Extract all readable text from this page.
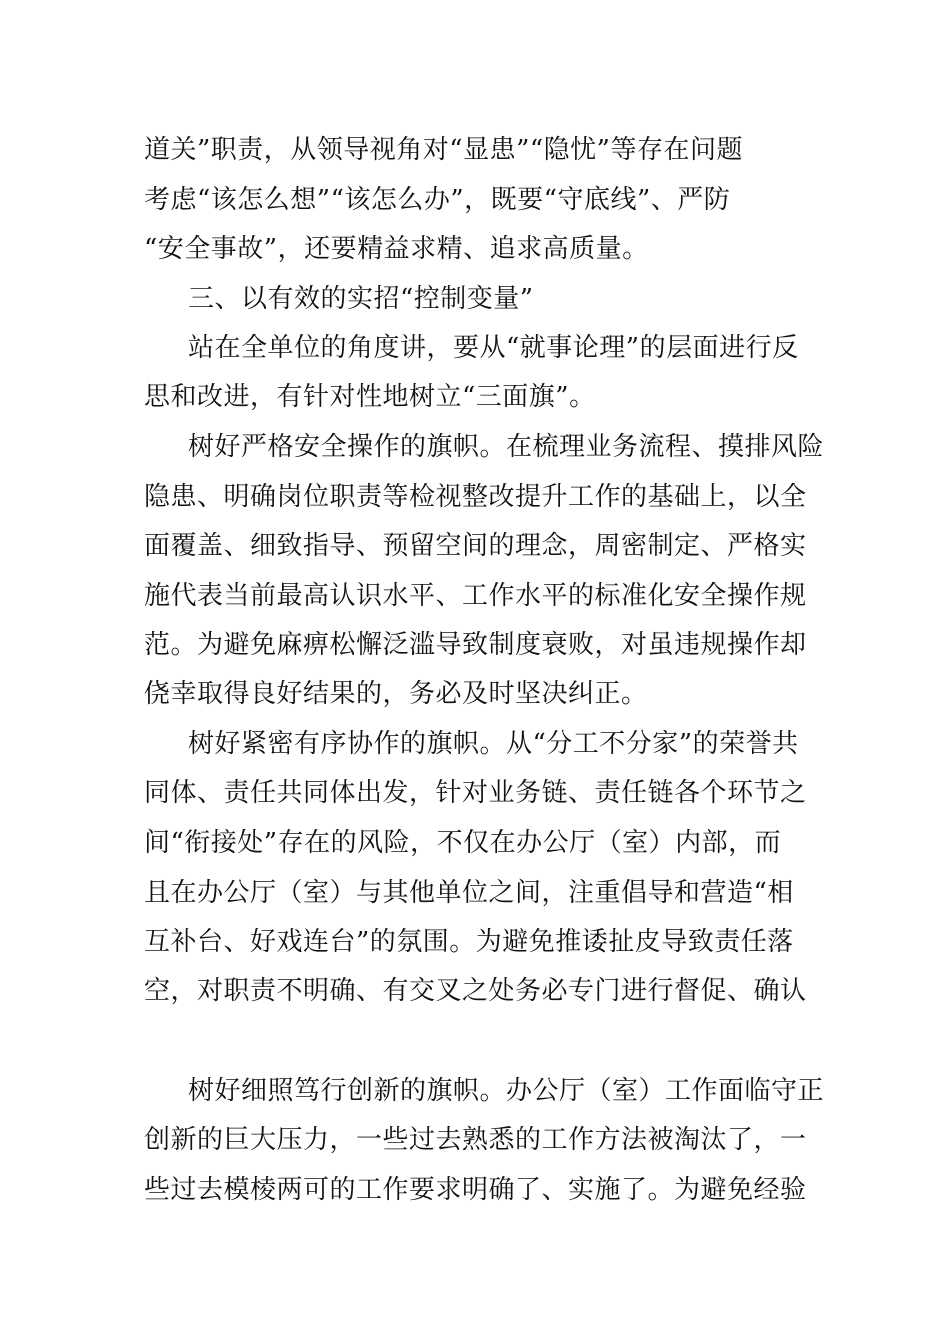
道关”职责，从领导视角对“显患”“隐忧”等存在问题
考虑“该怎么想”“该怎么办”，既要“守底线”、严防
“安全事故”，还要精益求精、追求高质量。
三、以有效的实招“控制变量”
站在全单位的角度讲，要从“就事论理”的层面进行反
思和改进，有针对性地树立“三面旗”。
树好严格安全操作的旗帜。在梳理业务流程、摸排风险
隐患、明确岗位职责等检视整改提升工作的基础上，以全
面覆盖、细致指导、预留空间的理念，周密制定、严格实
施代表当前最高认识水平、工作水平的标准化安全操作规
范。为避免麻痹松懈泛滥导致制度衰败，对虽违规操作却
侥幸取得良好结果的，务必及时坚决纠正。
树好紧密有序协作的旗帜。从“分工不分家”的荣誉共
同体、责任共同体出发，针对业务链、责任链各个环节之
间“衔接处”存在的风险，不仅在办公厅（室）内部，而
且在办公厅（室）与其他单位之间，注重倡导和营造“相
互补台、好戏连台”的氛围。为避免推诿扯皮导致责任落
空，对职责不明确、有交叉之处务必专门进行督促、确认
树好细照笃行创新的旗帜。办公厅（室）工作面临守正
创新的巨大压力，一些过去熟悉的工作方法被淘汰了，一
些过去模棱两可的工作要求明确了、实施了。为避免经验
